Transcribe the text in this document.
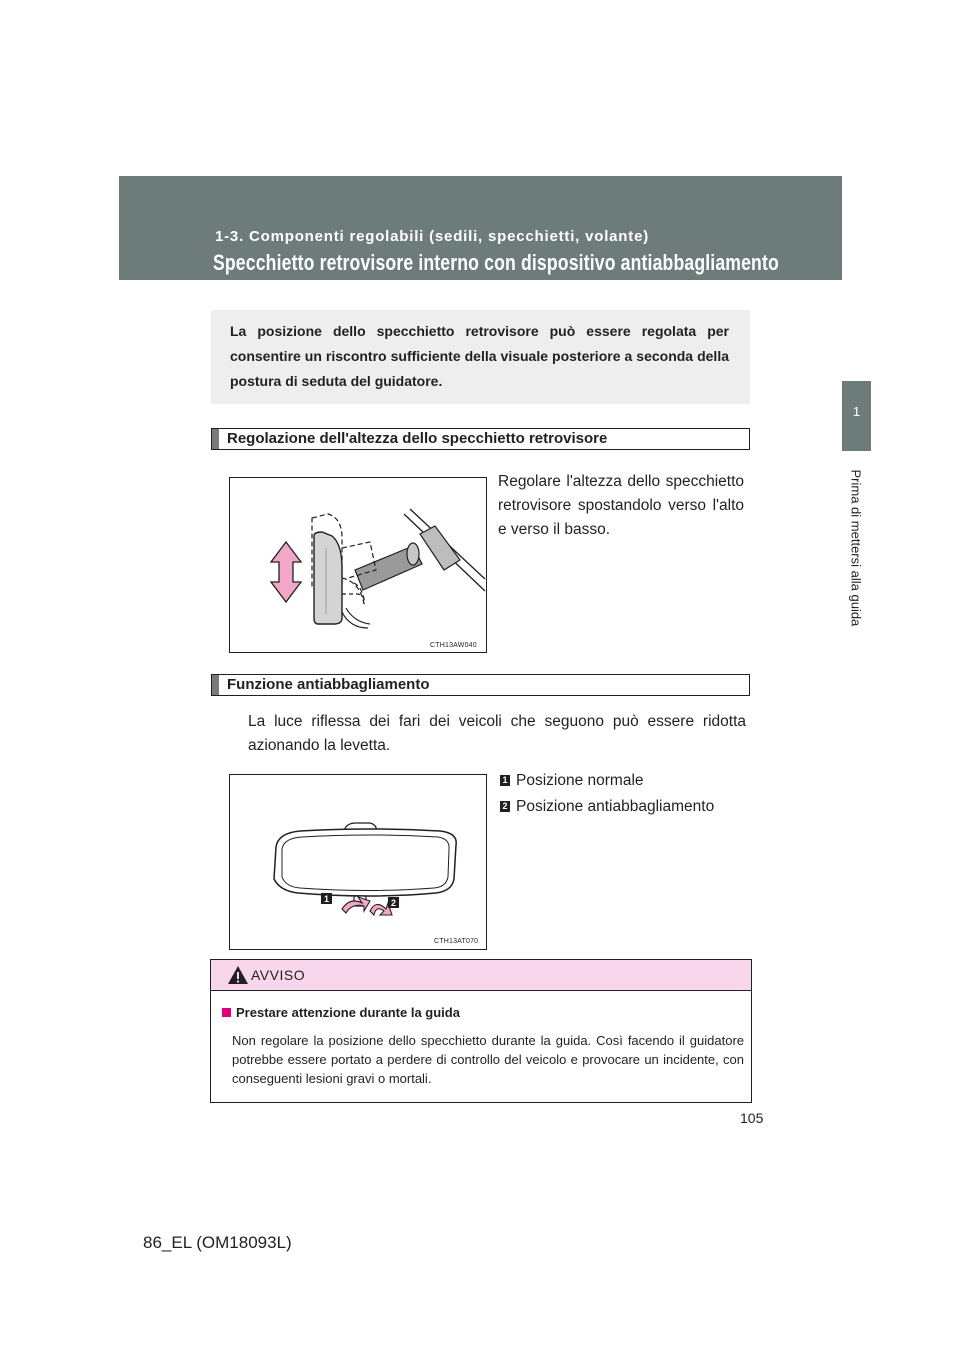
1-3. Componenti regolabili (sedili, specchietti, volante)
Specchietto retrovisore interno con dispositivo antiabbagliamento
1
Prima di mettersi alla guida
La posizione dello specchietto retrovisore può essere regolata per consentire un riscontro sufficiente della visuale posteriore a seconda della postura di seduta del guidatore.
Regolazione dell'altezza dello specchietto retrovisore
CTH13AW040
Regolare l'altezza dello specchietto retrovisore spostandolo verso l'alto e verso il basso.
Funzione antiabbagliamento
La luce riflessa dei fari dei veicoli che seguono può essere ridotta azionando la levetta.
1	2
CTH13AT070
1 Posizione normale
2 Posizione antiabbagliamento
AVVISO
Prestare attenzione durante la guida
Non regolare la posizione dello specchietto durante la guida. Così facendo il guidatore potrebbe essere portato a perdere di controllo del veicolo e provocare un incidente, con conseguenti lesioni gravi o mortali.
105
86_EL (OM18093L)
